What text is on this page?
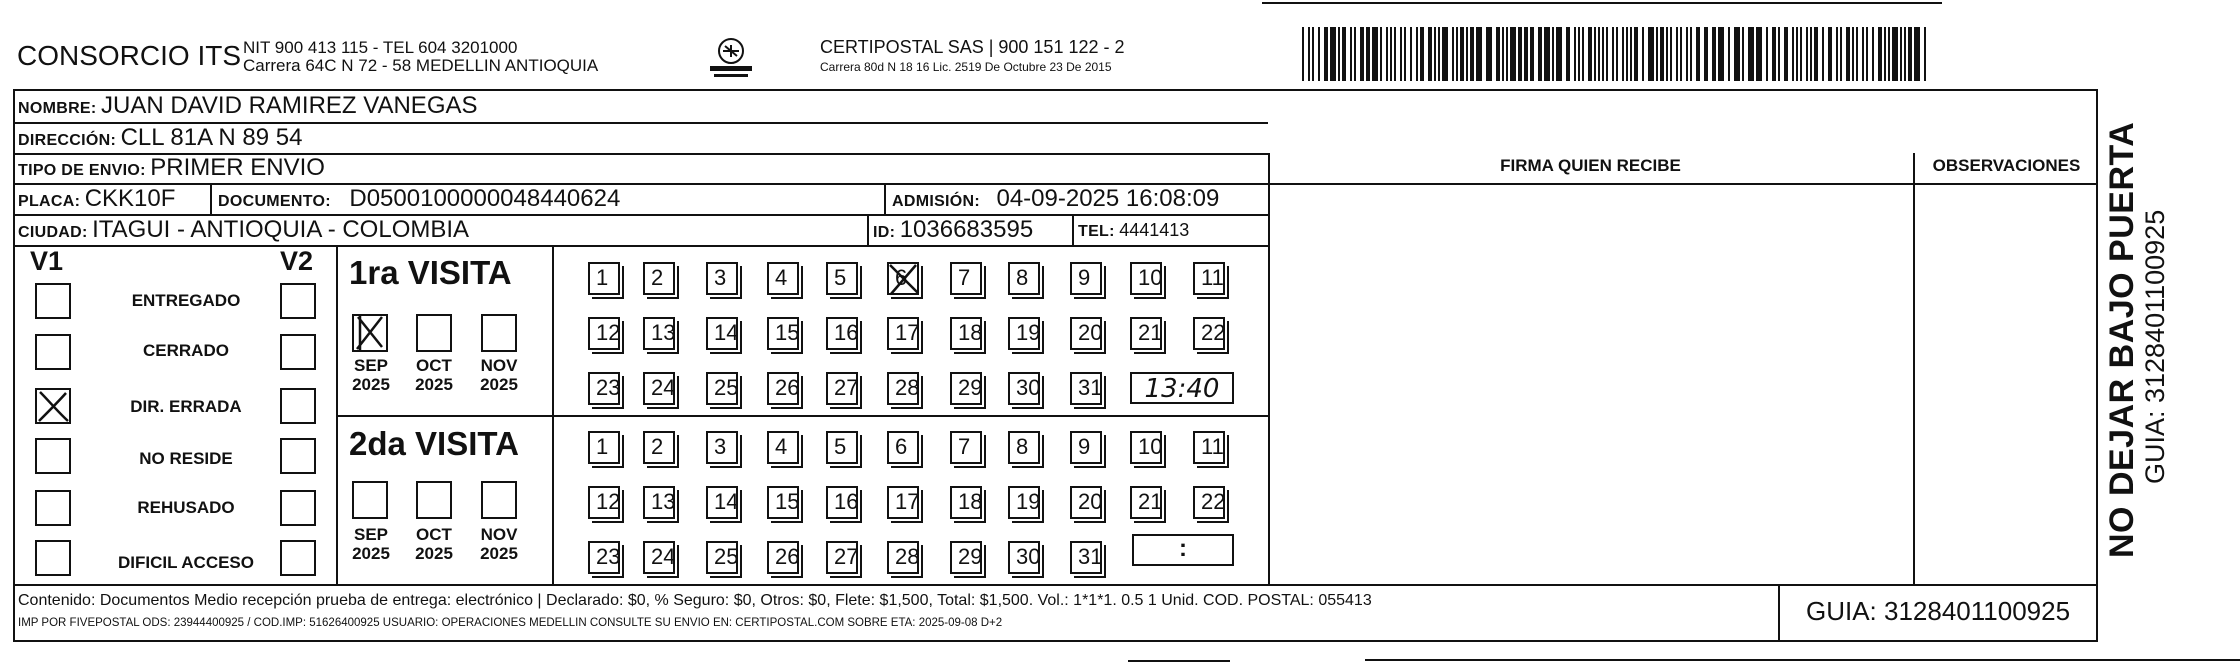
CONSORCIO ITS NIT 900 413 115 - TEL 604 3201000
Carrera 64C N 72 - 58 MEDELLIN ANTIOQUIA
CERTIPOSTAL SAS | 900 151 122 - 2
Carrera 80d N 18 16 Lic. 2519 De Octubre 23 De 2015
NOMBRE: JUAN DAVID RAMIREZ VANEGAS
DIRECCIÓN: CLL 81A N 89 54
TIPO DE ENVIO: PRIMER ENVIO
PLACA: CKK10F	DOCUMENTO: D0500100000048440624	ADMISIÓN: 04-09-2025 16:08:09
CIUDAD: ITAGUI - ANTIOQUIA - COLOMBIA	ID: 1036683595	TEL: 4441413
FIRMA QUIEN RECIBE	OBSERVACIONES
V1	V2
ENTREGADO
CERRADO
DIR. ERRADA
NO RESIDE
REHUSADO
DIFICIL ACCESO
1ra VISITA
SEP
2025
OCT
2025
NOV
2025
1	2	3	4	5	6	7	8	9	10	11
12	13	14	15	16	17	18	19	20	21	22
23	24	25	26	27	28	29	30	31	13:40
2da VISITA
SEP
2025
OCT
2025
NOV
2025
1	2	3	4	5	6	7	8	9	10	11
12	13	14	15	16	17	18	19	20	21	22
23	24	25	26	27	28	29	30	31	:
Contenido: Documentos Medio recepción prueba de entrega: electrónico | Declarado: $0, % Seguro: $0, Otros: $0, Flete: $1,500, Total: $1,500. Vol.: 1*1*1. 0.5 1 Unid. COD. POSTAL: 055413
IMP POR FIVEPOSTAL ODS: 23944400925 / COD.IMP: 51626400925 USUARIO: OPERACIONES MEDELLIN CONSULTE SU ENVIO EN: CERTIPOSTAL.COM SOBRE ETA: 2025-09-08 D+2	GUIA: 3128401100925
NO DEJAR BAJO PUERTA GUIA: 3128401100925
